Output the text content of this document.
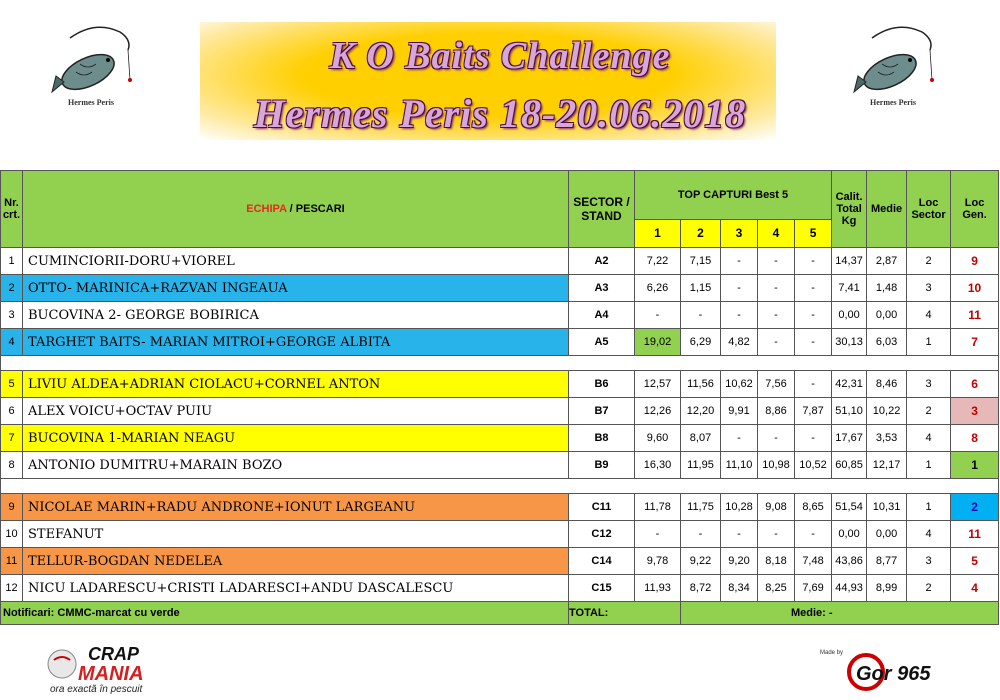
K O Baits Challenge
Hermes Peris 18-20.06.2018
Hermes Peris	Hermes Peris
Nr. crt.	ECHIPA / PESCARI	SECTOR / STAND	TOP CAPTURI Best 5					Calit. Total Kg	Medie	Loc Sector	Loc Gen.
			1	2	3	4	5				
1	CUMINCIORII-DORU+VIOREL	A2	7,22	7,15	-	-	-	14,37	2,87	2	9
2	OTTO- MARINICA+RAZVAN INGEAUA	A3	6,26	1,15	-	-	-	7,41	1,48	3	10
3	BUCOVINA 2- GEORGE BOBIRICA	A4	-	-	-	-	-	0,00	0,00	4	11
4	TARGHET BAITS- MARIAN MITROI+GEORGE ALBITA	A5	19,02	6,29	4,82	-	-	30,13	6,03	1	7

5	LIVIU ALDEA+ADRIAN CIOLACU+CORNEL ANTON	B6	12,57	11,56	10,62	7,56	-	42,31	8,46	3	6
6	ALEX VOICU+OCTAV PUIU	B7	12,26	12,20	9,91	8,86	7,87	51,10	10,22	2	3
7	BUCOVINA 1-MARIAN NEAGU	B8	9,60	8,07	-	-	-	17,67	3,53	4	8
8	ANTONIO DUMITRU+MARAIN BOZO	B9	16,30	11,95	11,10	10,98	10,52	60,85	12,17	1	1

9	NICOLAE MARIN+RADU ANDRONE+IONUT LARGEANU	C11	11,78	11,75	10,28	9,08	8,65	51,54	10,31	1	2
10	STEFANUT	C12	-	-	-	-	-	0,00	0,00	4	11
11	TELLUR-BOGDAN NEDELEA	C14	9,78	9,22	9,20	8,18	7,48	43,86	8,77	3	5
12	NICU LADARESCU+CRISTI LADARESCI+ANDU DASCALESCU	C15	11,93	8,72	8,34	8,25	7,69	44,93	8,99	2	4
Notificari: CMMC-marcat cu verde		TOTAL:		Medie: -							
CRAP
MANIA
ora exactă în pescuit
Made by
Gor 965
